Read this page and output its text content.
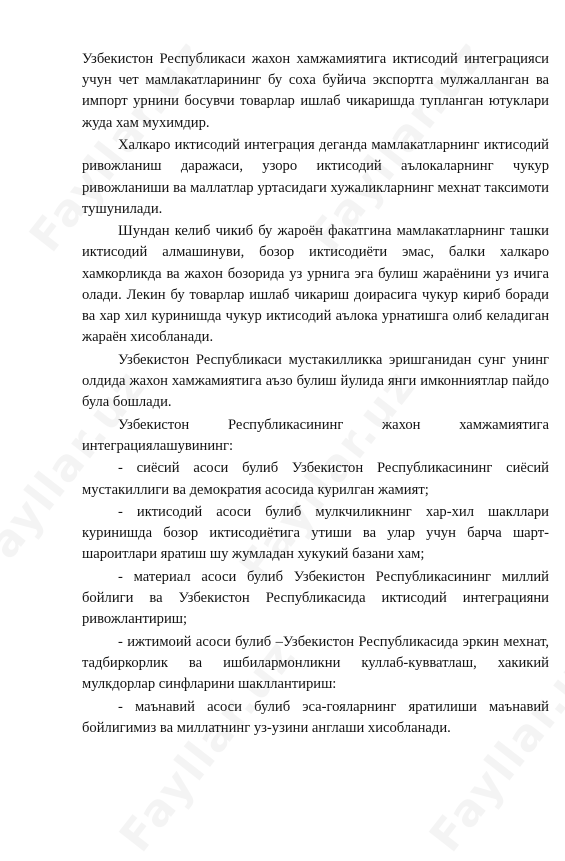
Узбекистон Республикаси жахон хамжамиятига иктисодий интеграцияси учун чет мамлакатларининг бу соха буйича экспортга мулжалланган ва импорт урнини босувчи товарлар ишлаб чикаришда тупланган ютуклари жуда хам мухимдир.

Халкаро иктисодий интеграция деганда мамлакатларнинг иктисодий ривожланиш даражаси, узоро иктисодий аълокаларнинг чукур ривожланиши ва маллатлар уртасидаги хужаликларнинг мехнат таксимоти тушунилади.

Шундан келиб чикиб бу жароён факатгина мамлакатларнинг ташки иктисодий алмашинуви, бозор иктисодиёти эмас, балки халкаро хамкорликда ва жахон бозорида уз урнига эга булиш жараёнини уз ичига олади. Лекин бу товарлар ишлаб чикариш доирасига чукур кириб боради ва хар хил куринишда чукур иктисодий аълока урнатишга олиб келадиган жараён хисобланади.

Узбекистон Республикаси мустакилликка эришганидан сунг унинг олдида жахон хамжамиятига аъзо булиш йулида янги имконниятлар пайдо була бошлади.

Узбекистон Республикасининг жахон хамжамиятига интеграциялашувининг:

- сиёсий асоси булиб Узбекистон Республикасининг сиёсий мустакиллиги ва демократия асосида курилган жамият;

- иктисодий асоси булиб мулкчиликнинг хар-хил шакллари куринишда бозор иктисодиётига утиши ва улар учун барча шарт-шароитлари яратиш шу жумладан хукукий базани хам;

- материал асоси булиб Узбекистон Республикасининг миллий бойлиги ва Узбекистон Республикасида иктисодий интеграцияни ривожлантириш;

- ижтимоий асоси булиб –Узбекистон Республикасида эркин мехнат, тадбиркорлик ва ишбилармонликни куллаб-кувватлаш, хакикий мулкдорлар синфларини шакллантириш:

- маънавий асоси булиб эса-гояларнинг яратилиши маънавий бойлигимиз ва миллатнинг уз-узини англаши хисобланади.
